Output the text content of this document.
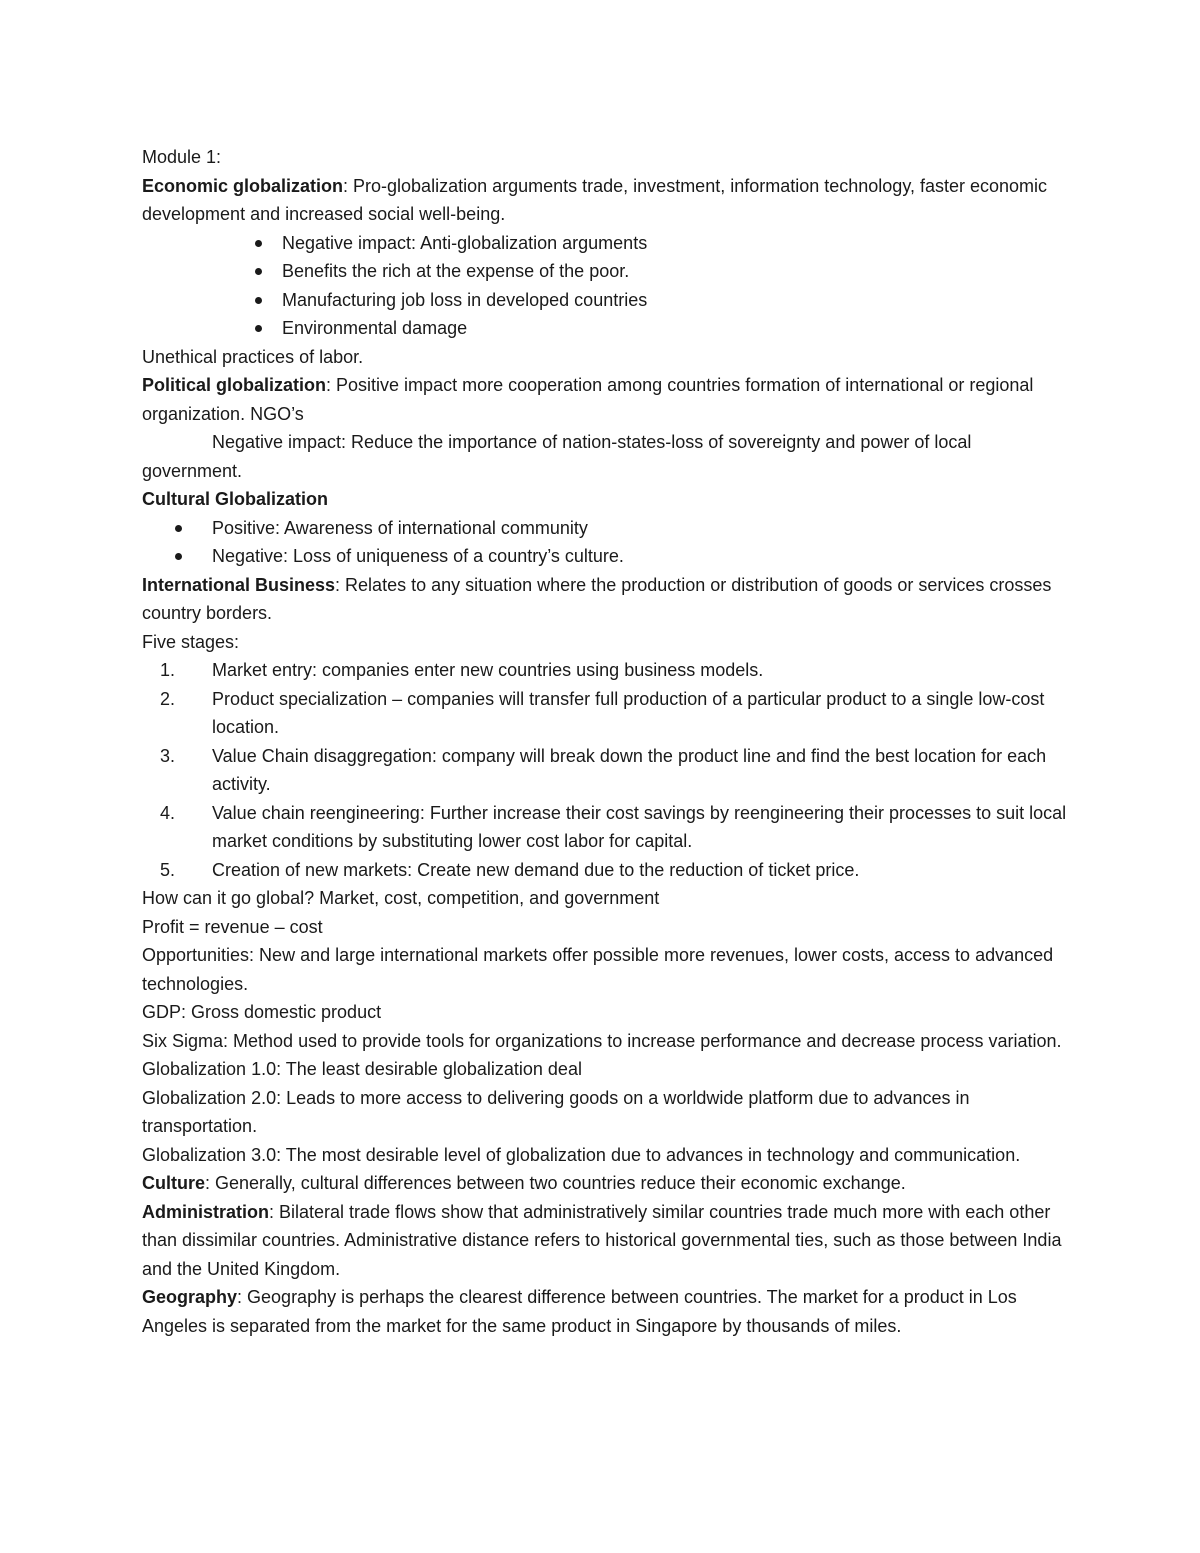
Module 1:

Economic globalization: Pro-globalization arguments trade, investment, information technology, faster economic development and increased social well-being.

Negative impact: Anti-globalization arguments
Benefits the rich at the expense of the poor.
Manufacturing job loss in developed countries
Environmental damage

Unethical practices of labor.

Political globalization: Positive impact more cooperation among countries formation of international or regional organization. NGO’s

Negative impact: Reduce the importance of nation-states-loss of sovereignty and power of local

government.

Cultural Globalization

Positive: Awareness of international community
Negative: Loss of uniqueness of a country’s culture.

International Business: Relates to any situation where the production or distribution of goods or services crosses country borders.

Five stages:

1. Market entry: companies enter new countries using business models.
2. Product specialization – companies will transfer full production of a particular product to a single low-cost location.
3. Value Chain disaggregation: company will break down the product line and find the best location for each activity.
4. Value chain reengineering: Further increase their cost savings by reengineering their processes to suit local market conditions by substituting lower cost labor for capital.
5. Creation of new markets: Create new demand due to the reduction of ticket price.

How can it go global? Market, cost, competition, and government

Profit = revenue – cost

Opportunities: New and large international markets offer possible more revenues, lower costs, access to advanced technologies.

GDP: Gross domestic product

Six Sigma: Method used to provide tools for organizations to increase performance and decrease process variation.

Globalization 1.0: The least desirable globalization deal

Globalization 2.0: Leads to more access to delivering goods on a worldwide platform due to advances in transportation.

Globalization 3.0: The most desirable level of globalization due to advances in technology and communication.

Culture: Generally, cultural differences between two countries reduce their economic exchange.

Administration: Bilateral trade flows show that administratively similar countries trade much more with each other than dissimilar countries. Administrative distance refers to historical governmental ties, such as those between India and the United Kingdom.

Geography: Geography is perhaps the clearest difference between countries. The market for a product in Los Angeles is separated from the market for the same product in Singapore by thousands of miles.
